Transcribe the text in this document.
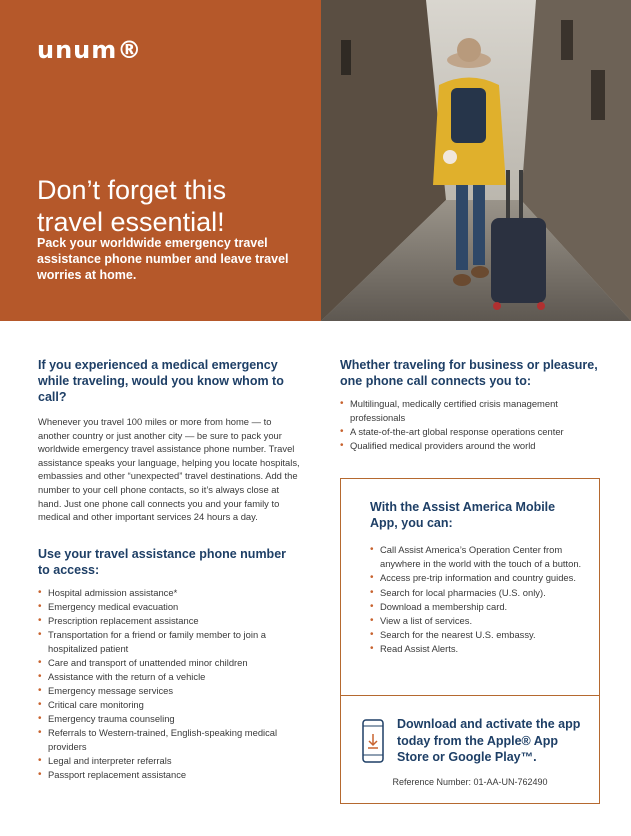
unum®
Don’t forget this
travel essential!
Pack your worldwide emergency travel assistance phone number and leave travel worries at home.
If you experienced a medical emergency while traveling, would you know whom to call?

Whenever you travel 100 miles or more from home — to another country or just another city — be sure to pack your worldwide emergency travel assistance phone number. Travel assistance speaks your language, helping you locate hospitals, embassies and other “unexpected” travel destinations. Add the number to your cell phone contacts, so it’s always close at hand. Just one phone call connects you and your family to medical and other important services 24 hours a day.

Use your travel assistance phone number to access:
• Hospital admission assistance*
• Emergency medical evacuation
• Prescription replacement assistance
• Transportation for a friend or family member to join a hospitalized patient
• Care and transport of unattended minor children
• Assistance with the return of a vehicle
• Emergency message services
• Critical care monitoring
• Emergency trauma counseling
• Referrals to Western-trained, English-speaking medical providers
• Legal and interpreter referrals
• Passport replacement assistance
Whether traveling for business or pleasure, one phone call connects you to:
• Multilingual, medically certified crisis management professionals
• A state-of-the-art global response operations center
• Qualified medical providers around the world
With the Assist America Mobile App, you can:
• Call Assist America’s Operation Center from anywhere in the world with the touch of a button.
• Access pre-trip information and country guides.
• Search for local pharmacies (U.S. only).
• Download a membership card.
• View a list of services.
• Search for the nearest U.S. embassy.
• Read Assist Alerts.
Download and activate the app today from the Apple® App Store or Google Play™.
Reference Number: 01-AA-UN-762490
